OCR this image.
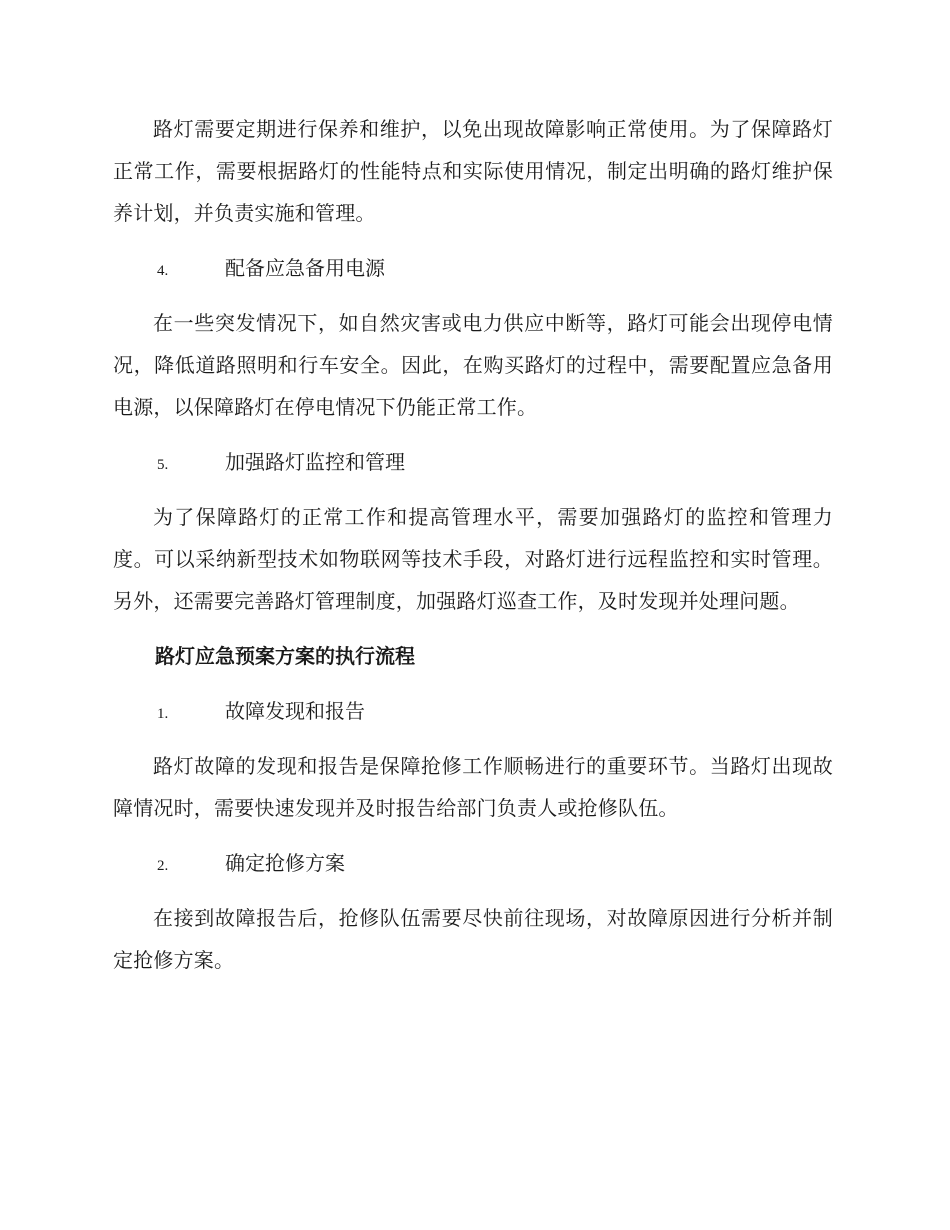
路灯需要定期进行保养和维护，以免出现故障影响正常使用。为了保障路灯正常工作，需要根据路灯的性能特点和实际使用情况，制定出明确的路灯维护保养计划，并负责实施和管理。

4.	配备应急备用电源

在一些突发情况下，如自然灾害或电力供应中断等，路灯可能会出现停电情况，降低道路照明和行车安全。因此，在购买路灯的过程中，需要配置应急备用电源，以保障路灯在停电情况下仍能正常工作。

5.	加强路灯监控和管理

为了保障路灯的正常工作和提高管理水平，需要加强路灯的监控和管理力度。可以采纳新型技术如物联网等技术手段，对路灯进行远程监控和实时管理。另外，还需要完善路灯管理制度，加强路灯巡查工作，及时发现并处理问题。

路灯应急预案方案的执行流程
1.	故障发现和报告

路灯故障的发现和报告是保障抢修工作顺畅进行的重要环节。当路灯出现故障情况时，需要快速发现并及时报告给部门负责人或抢修队伍。

2.	确定抢修方案

在接到故障报告后，抢修队伍需要尽快前往现场，对故障原因进行分析并制定抢修方案。
